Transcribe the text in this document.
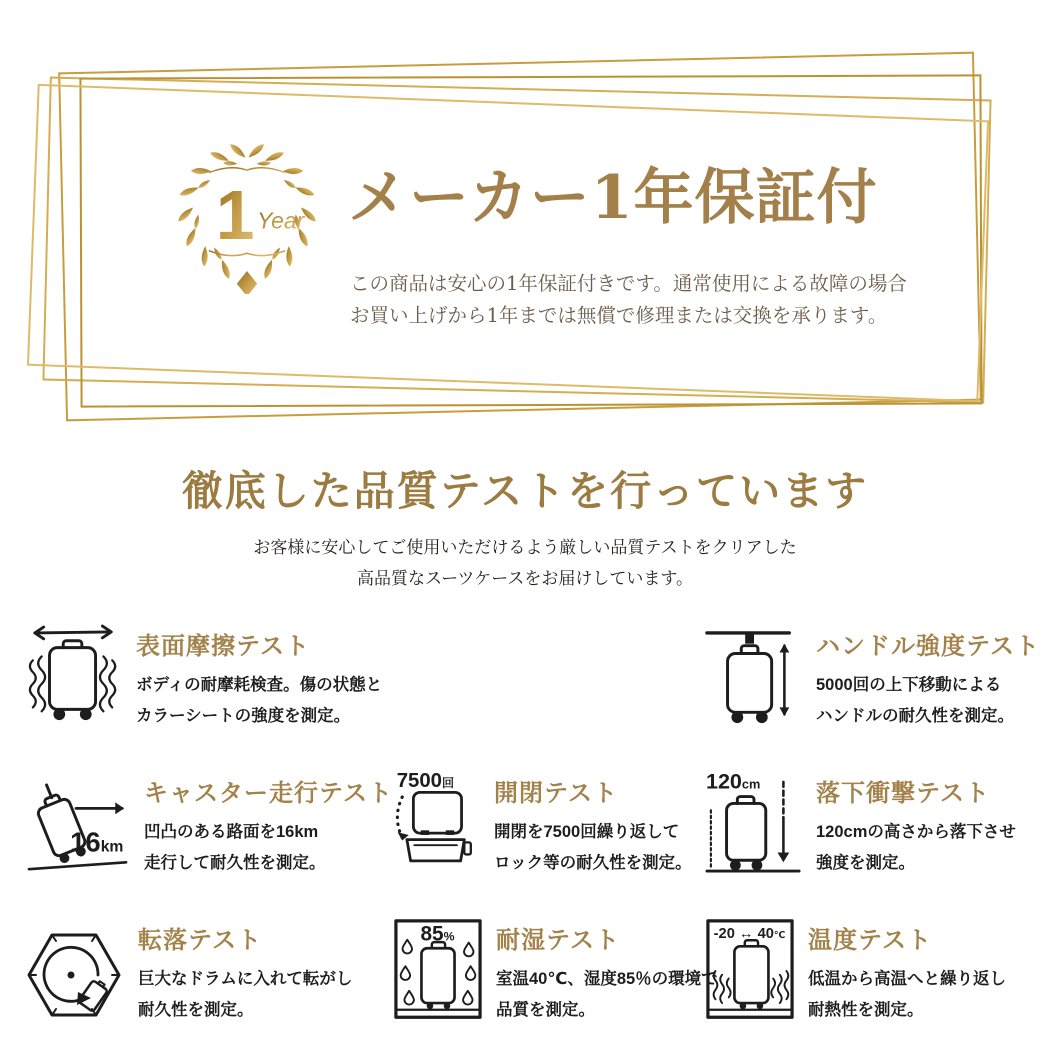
1 Year メーカー1年保証付

この商品は安心の1年保証付きです。通常使用による故障の場合
お買い上げから1年までは無償で修理または交換を承ります。

徹底した品質テストを行っています

お客様に安心してご使用いただけるよう厳しい品質テストをクリアした
高品質なスーツケースをお届けしています。

表面摩擦テスト
ボディの耐摩耗検査。傷の状態と
カラーシートの強度を測定。
ハンドル強度テスト
5000回の上下移動による
ハンドルの耐久性を測定。
16km
キャスター走行テスト
凹凸のある路面を16km
走行して耐久性を測定。
7500回 開閉テスト
開閉を7500回繰り返して
ロック等の耐久性を測定。
120cm 落下衝撃テスト
120cmの高さから落下させ
強度を測定。
転落テスト
巨大なドラムに入れて転がし
耐久性を測定。
85% 耐湿テスト
室温40℃、湿度85％の環境で
品質を測定。
-20 ↔ 40℃ 温度テスト
低温から高温へと繰り返し
耐熱性を測定。
